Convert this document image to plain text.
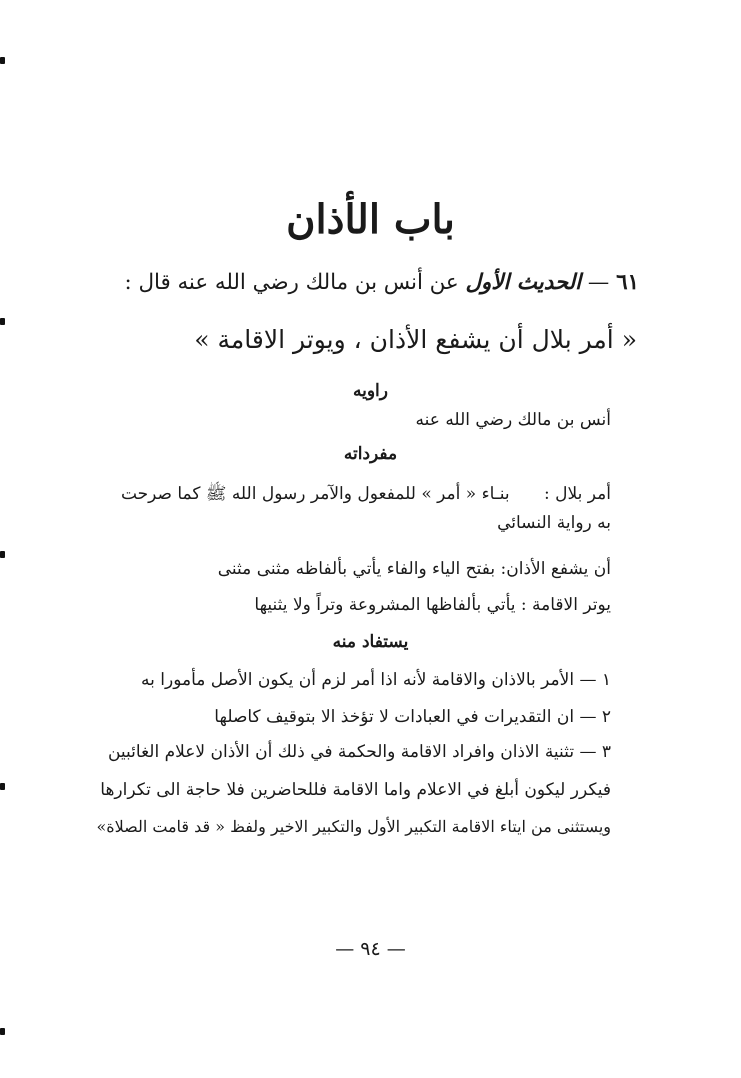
باب الأذان
٦١ — الحديث الأول عن أنس بن مالك رضي الله عنه قال :
« أمر بلال أن يشفع الأذان ، ويوتر الاقامة »
راويه
أنس بن مالك رضي الله عنه
مفرداته
أمر بلال : بنـاء « أمر » للمفعول والآمر رسول الله ﷺ كما صرحت
به رواية النسائي
أن يشفع الأذان: بفتح الياء والفاء يأتي بألفاظه مثنى مثنى
يوتر الاقامة : يأتي بألفاظها المشروعة وتراً ولا يثنيها
يستفاد منه
١ — الأمر بالاذان والاقامة لأنه اذا أمر لزم أن يكون الأصل مأمورا به
٢ — ان التقديرات في العبادات لا تؤخذ الا بتوقيف كاصلها
٣ — تثنية الاذان وافراد الاقامة والحكمة في ذلك أن الأذان لاعلام الغائبين
فيكرر ليكون أبلغ في الاعلام واما الاقامة فللحاضرين فلا حاجة الى تكرارها
ويستثنى من ايتاء الاقامة التكبير الأول والتكبير الاخير ولفظ « قد قامت الصلاة»
— ٩٤ —
